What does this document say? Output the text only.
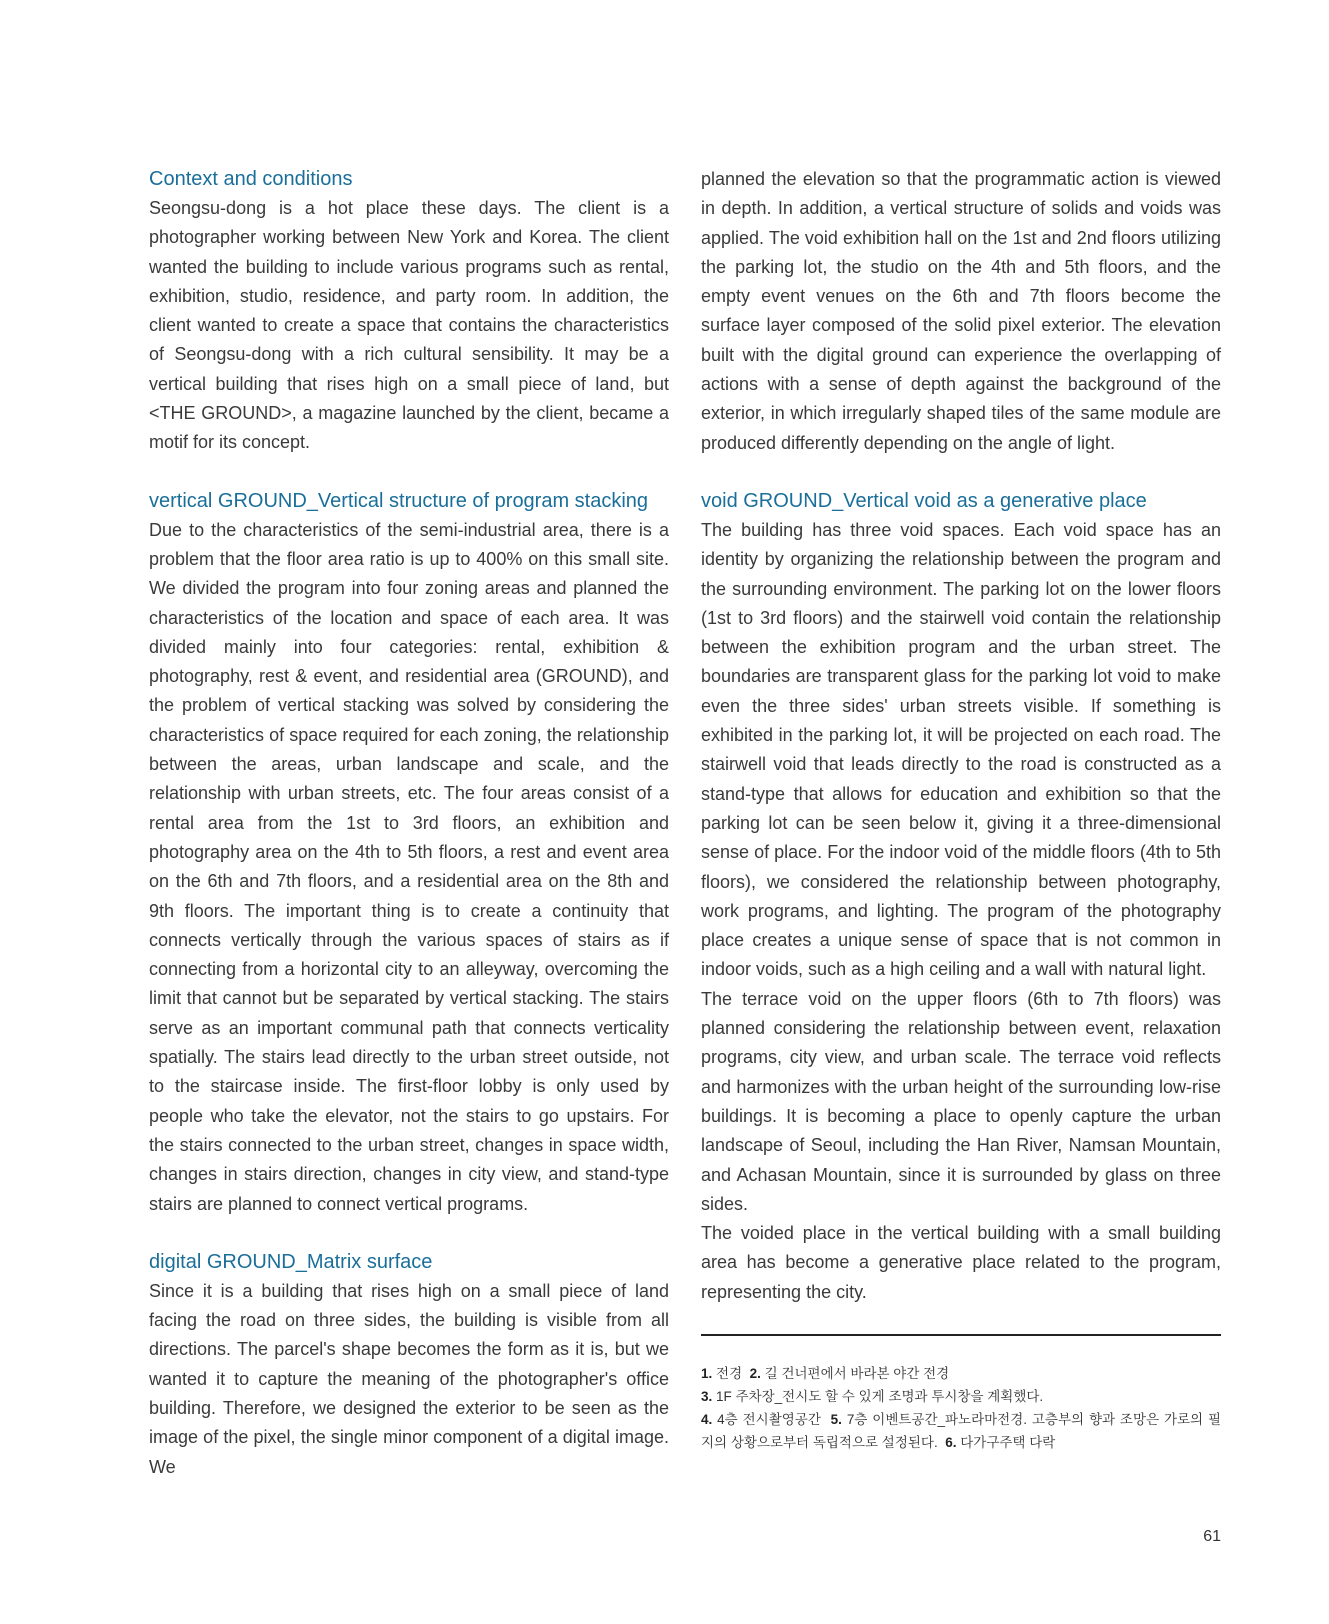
Context and conditions

Seongsu-dong is a hot place these days. The client is a photographer working between New York and Korea. The client wanted the building to include various programs such as rental, exhibition, studio, residence, and party room. In addition, the client wanted to create a space that contains the characteristics of Seongsu-dong with a rich cultural sensibility. It may be a vertical building that rises high on a small piece of land, but <THE GROUND>, a magazine launched by the client, became a motif for its concept.

vertical GROUND_Vertical structure of program stacking

Due to the characteristics of the semi-industrial area, there is a problem that the floor area ratio is up to 400% on this small site. We divided the program into four zoning areas and planned the characteristics of the location and space of each area. It was divided mainly into four categories: rental, exhibition & photography, rest & event, and residential area (GROUND), and the problem of vertical stacking was solved by considering the characteristics of space required for each zoning, the relationship between the areas, urban landscape and scale, and the relationship with urban streets, etc. The four areas consist of a rental area from the 1st to 3rd floors, an exhibition and photography area on the 4th to 5th floors, a rest and event area on the 6th and 7th floors, and a residential area on the 8th and 9th floors. The important thing is to create a continuity that connects vertically through the various spaces of stairs as if connecting from a horizontal city to an alleyway, overcoming the limit that cannot but be separated by vertical stacking. The stairs serve as an important communal path that connects verticality spatially. The stairs lead directly to the urban street outside, not to the staircase inside. The first-floor lobby is only used by people who take the elevator, not the stairs to go upstairs. For the stairs connected to the urban street, changes in space width, changes in stairs direction, changes in city view, and stand-type stairs are planned to connect vertical programs.

digital GROUND_Matrix surface

Since it is a building that rises high on a small piece of land facing the road on three sides, the building is visible from all directions. The parcel's shape becomes the form as it is, but we wanted it to capture the meaning of the photographer's office building. Therefore, we designed the exterior to be seen as the image of the pixel, the single minor component of a digital image. We

planned the elevation so that the programmatic action is viewed in depth. In addition, a vertical structure of solids and voids was applied. The void exhibition hall on the 1st and 2nd floors utilizing the parking lot, the studio on the 4th and 5th floors, and the empty event venues on the 6th and 7th floors become the surface layer composed of the solid pixel exterior. The elevation built with the digital ground can experience the overlapping of actions with a sense of depth against the background of the exterior, in which irregularly shaped tiles of the same module are produced differently depending on the angle of light.

void GROUND_Vertical void as a generative place

The building has three void spaces. Each void space has an identity by organizing the relationship between the program and the surrounding environment. The parking lot on the lower floors (1st to 3rd floors) and the stairwell void contain the relationship between the exhibition program and the urban street. The boundaries are transparent glass for the parking lot void to make even the three sides' urban streets visible. If something is exhibited in the parking lot, it will be projected on each road. The stairwell void that leads directly to the road is constructed as a stand-type that allows for education and exhibition so that the parking lot can be seen below it, giving it a three-dimensional sense of place. For the indoor void of the middle floors (4th to 5th floors), we considered the relationship between photography, work programs, and lighting. The program of the photography place creates a unique sense of space that is not common in indoor voids, such as a high ceiling and a wall with natural light.

The terrace void on the upper floors (6th to 7th floors) was planned considering the relationship between event, relaxation programs, city view, and urban scale. The terrace void reflects and harmonizes with the urban height of the surrounding low-rise buildings. It is becoming a place to openly capture the urban landscape of Seoul, including the Han River, Namsan Mountain, and Achasan Mountain, since it is surrounded by glass on three sides.

The voided place in the vertical building with a small building area has become a generative place related to the program, representing the city.

1. 전경 2. 길 건너편에서 바라본 야간 전경

3. 1F 주차장_전시도 할 수 있게 조명과 투시창을 계획했다.

4. 4층 전시촬영공간 5. 7층 이벤트공간_파노라마전경. 고층부의 향과 조망은 가로의 필지의 상황으로부터 독립적으로 설정된다. 6. 다가구주택 다락

61
